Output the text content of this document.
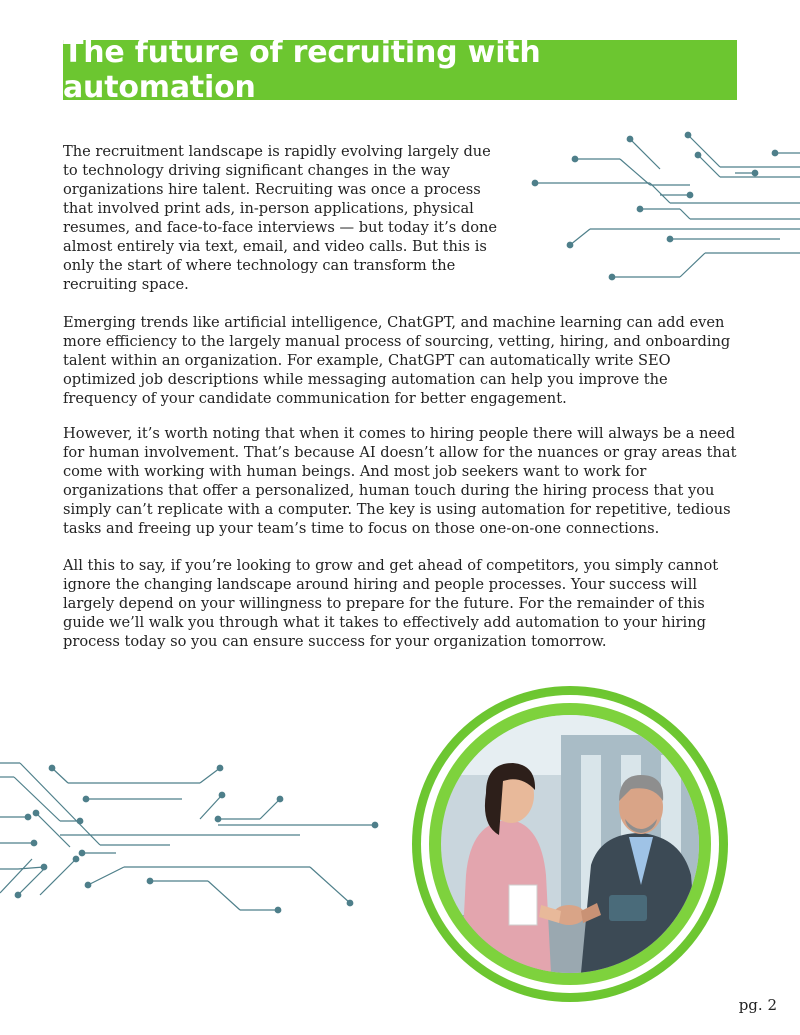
The future of recruiting with automation

The recruitment landscape is rapidly evolving largely due to technology driving significant changes in the way organizations hire talent. Recruiting was once a process that involved print ads, in-person applications, physical resumes, and face-to-face interviews — but today it’s done almost entirely via text, email, and video calls. But this is only the start of where technology can transform the recruiting space.

Emerging trends like artificial intelligence, ChatGPT, and machine learning can add even more efficiency to the largely manual process of sourcing, vetting, hiring, and onboarding talent within an organization. For example, ChatGPT can automatically write SEO optimized job descriptions while messaging automation can help you improve the frequency of your candidate communication for better engagement.

However, it’s worth noting that when it comes to hiring people there will always be a need for human involvement. That’s because AI doesn’t allow for the nuances or gray areas that come with working with human beings. And most job seekers want to work for organizations that offer a personalized, human touch during the hiring process that you simply can’t replicate with a computer. The key is using automation for repetitive, tedious tasks and freeing up your team’s time to focus on those one-on-one connections.

All this to say, if you’re looking to grow and get ahead of competitors, you simply cannot ignore the changing landscape around hiring and people processes. Your success will largely depend on your willingness to prepare for the future. For the remainder of this guide we’ll walk you through what it takes to effectively add automation to your hiring process today so you can ensure success for your organization tomorrow.

pg. 2
